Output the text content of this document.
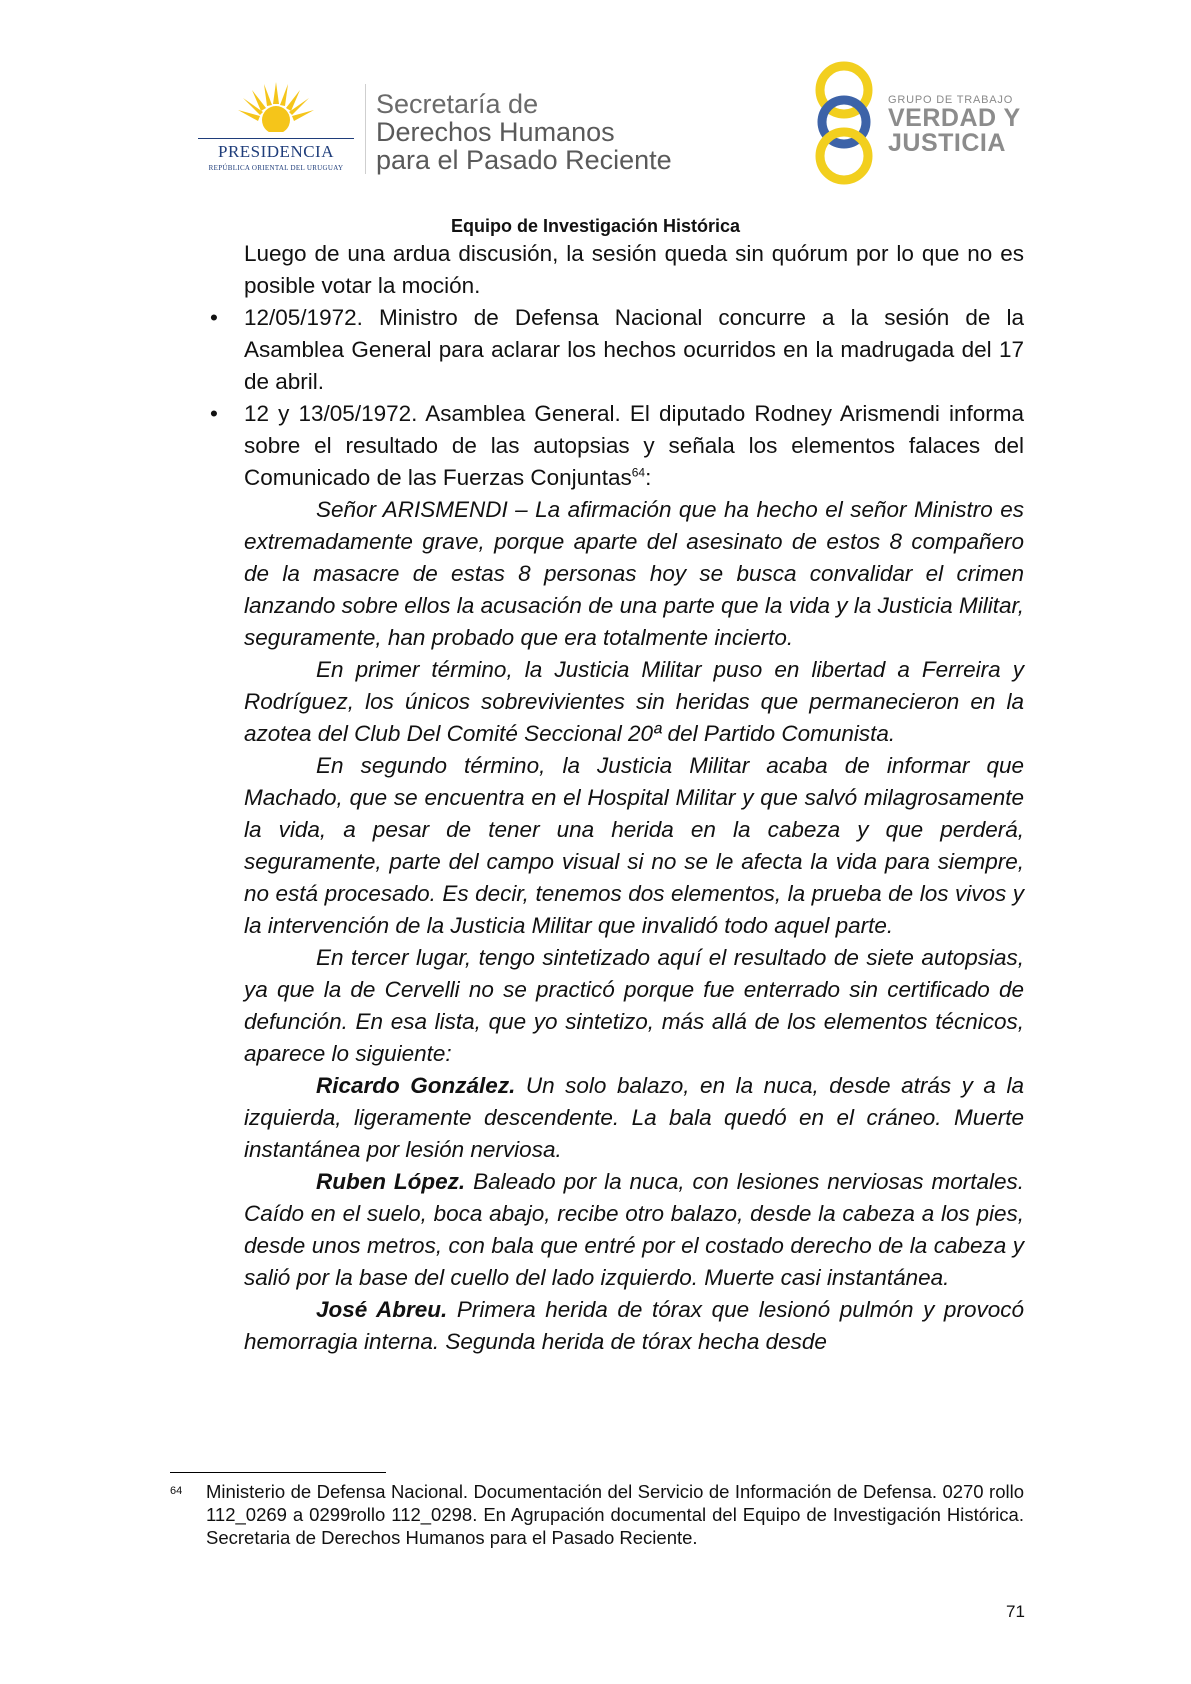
PRESIDENCIA
REPÚBLICA ORIENTAL DEL URUGUAY
Secretaría de
Derechos Humanos
para el Pasado Reciente
GRUPO DE TRABAJO
VERDAD Y
JUSTICIA
Equipo de Investigación Histórica

Luego de una ardua discusión, la sesión queda sin quórum por lo que no es posible votar la moción.

• 12/05/1972. Ministro de Defensa Nacional concurre a la sesión de la Asamblea General para aclarar los hechos ocurridos en la madrugada del 17 de abril.
• 12 y 13/05/1972. Asamblea General. El diputado Rodney Arismendi informa sobre el resultado de las autopsias y señala los elementos falaces del Comunicado de las Fuerzas Conjuntas$^{64}$:

Señor ARISMENDI – La afirmación que ha hecho el señor Ministro es extremadamente grave, porque aparte del asesinato de estos 8 compañero de la masacre de estas 8 personas hoy se busca convalidar el crimen lanzando sobre ellos la acusación de una parte que la vida y la Justicia Militar, seguramente, han probado que era totalmente incierto.

En primer término, la Justicia Militar puso en libertad a Ferreira y Rodríguez, los únicos sobrevivientes sin heridas que permanecieron en la azotea del Club Del Comité Seccional 20ª del Partido Comunista.

En segundo término, la Justicia Militar acaba de informar que Machado, que se encuentra en el Hospital Militar y que salvó milagrosamente la vida, a pesar de tener una herida en la cabeza y que perderá, seguramente, parte del campo visual si no se le afecta la vida para siempre, no está procesado. Es decir, tenemos dos elementos, la prueba de los vivos y la intervención de la Justicia Militar que invalidó todo aquel parte.

En tercer lugar, tengo sintetizado aquí el resultado de siete autopsias, ya que la de Cervelli no se practicó porque fue enterrado sin certificado de defunción. En esa lista, que yo sintetizo, más allá de los elementos técnicos, aparece lo siguiente:

Ricardo González. Un solo balazo, en la nuca, desde atrás y a la izquierda, ligeramente descendente. La bala quedó en el cráneo. Muerte instantánea por lesión nerviosa.

Ruben López. Baleado por la nuca, con lesiones nerviosas mortales. Caído en el suelo, boca abajo, recibe otro balazo, desde la cabeza a los pies, desde unos metros, con bala que entré por el costado derecho de la cabeza y salió por la base del cuello del lado izquierdo. Muerte casi instantánea.

José Abreu. Primera herida de tórax que lesionó pulmón y provocó hemorragia interna. Segunda herida de tórax hecha desde

64 Ministerio de Defensa Nacional. Documentación del Servicio de Información de Defensa. 0270 rollo 112_0269 a 0299rollo 112_0298. En Agrupación documental del Equipo de Investigación Histórica. Secretaria de Derechos Humanos para el Pasado Reciente.
71
